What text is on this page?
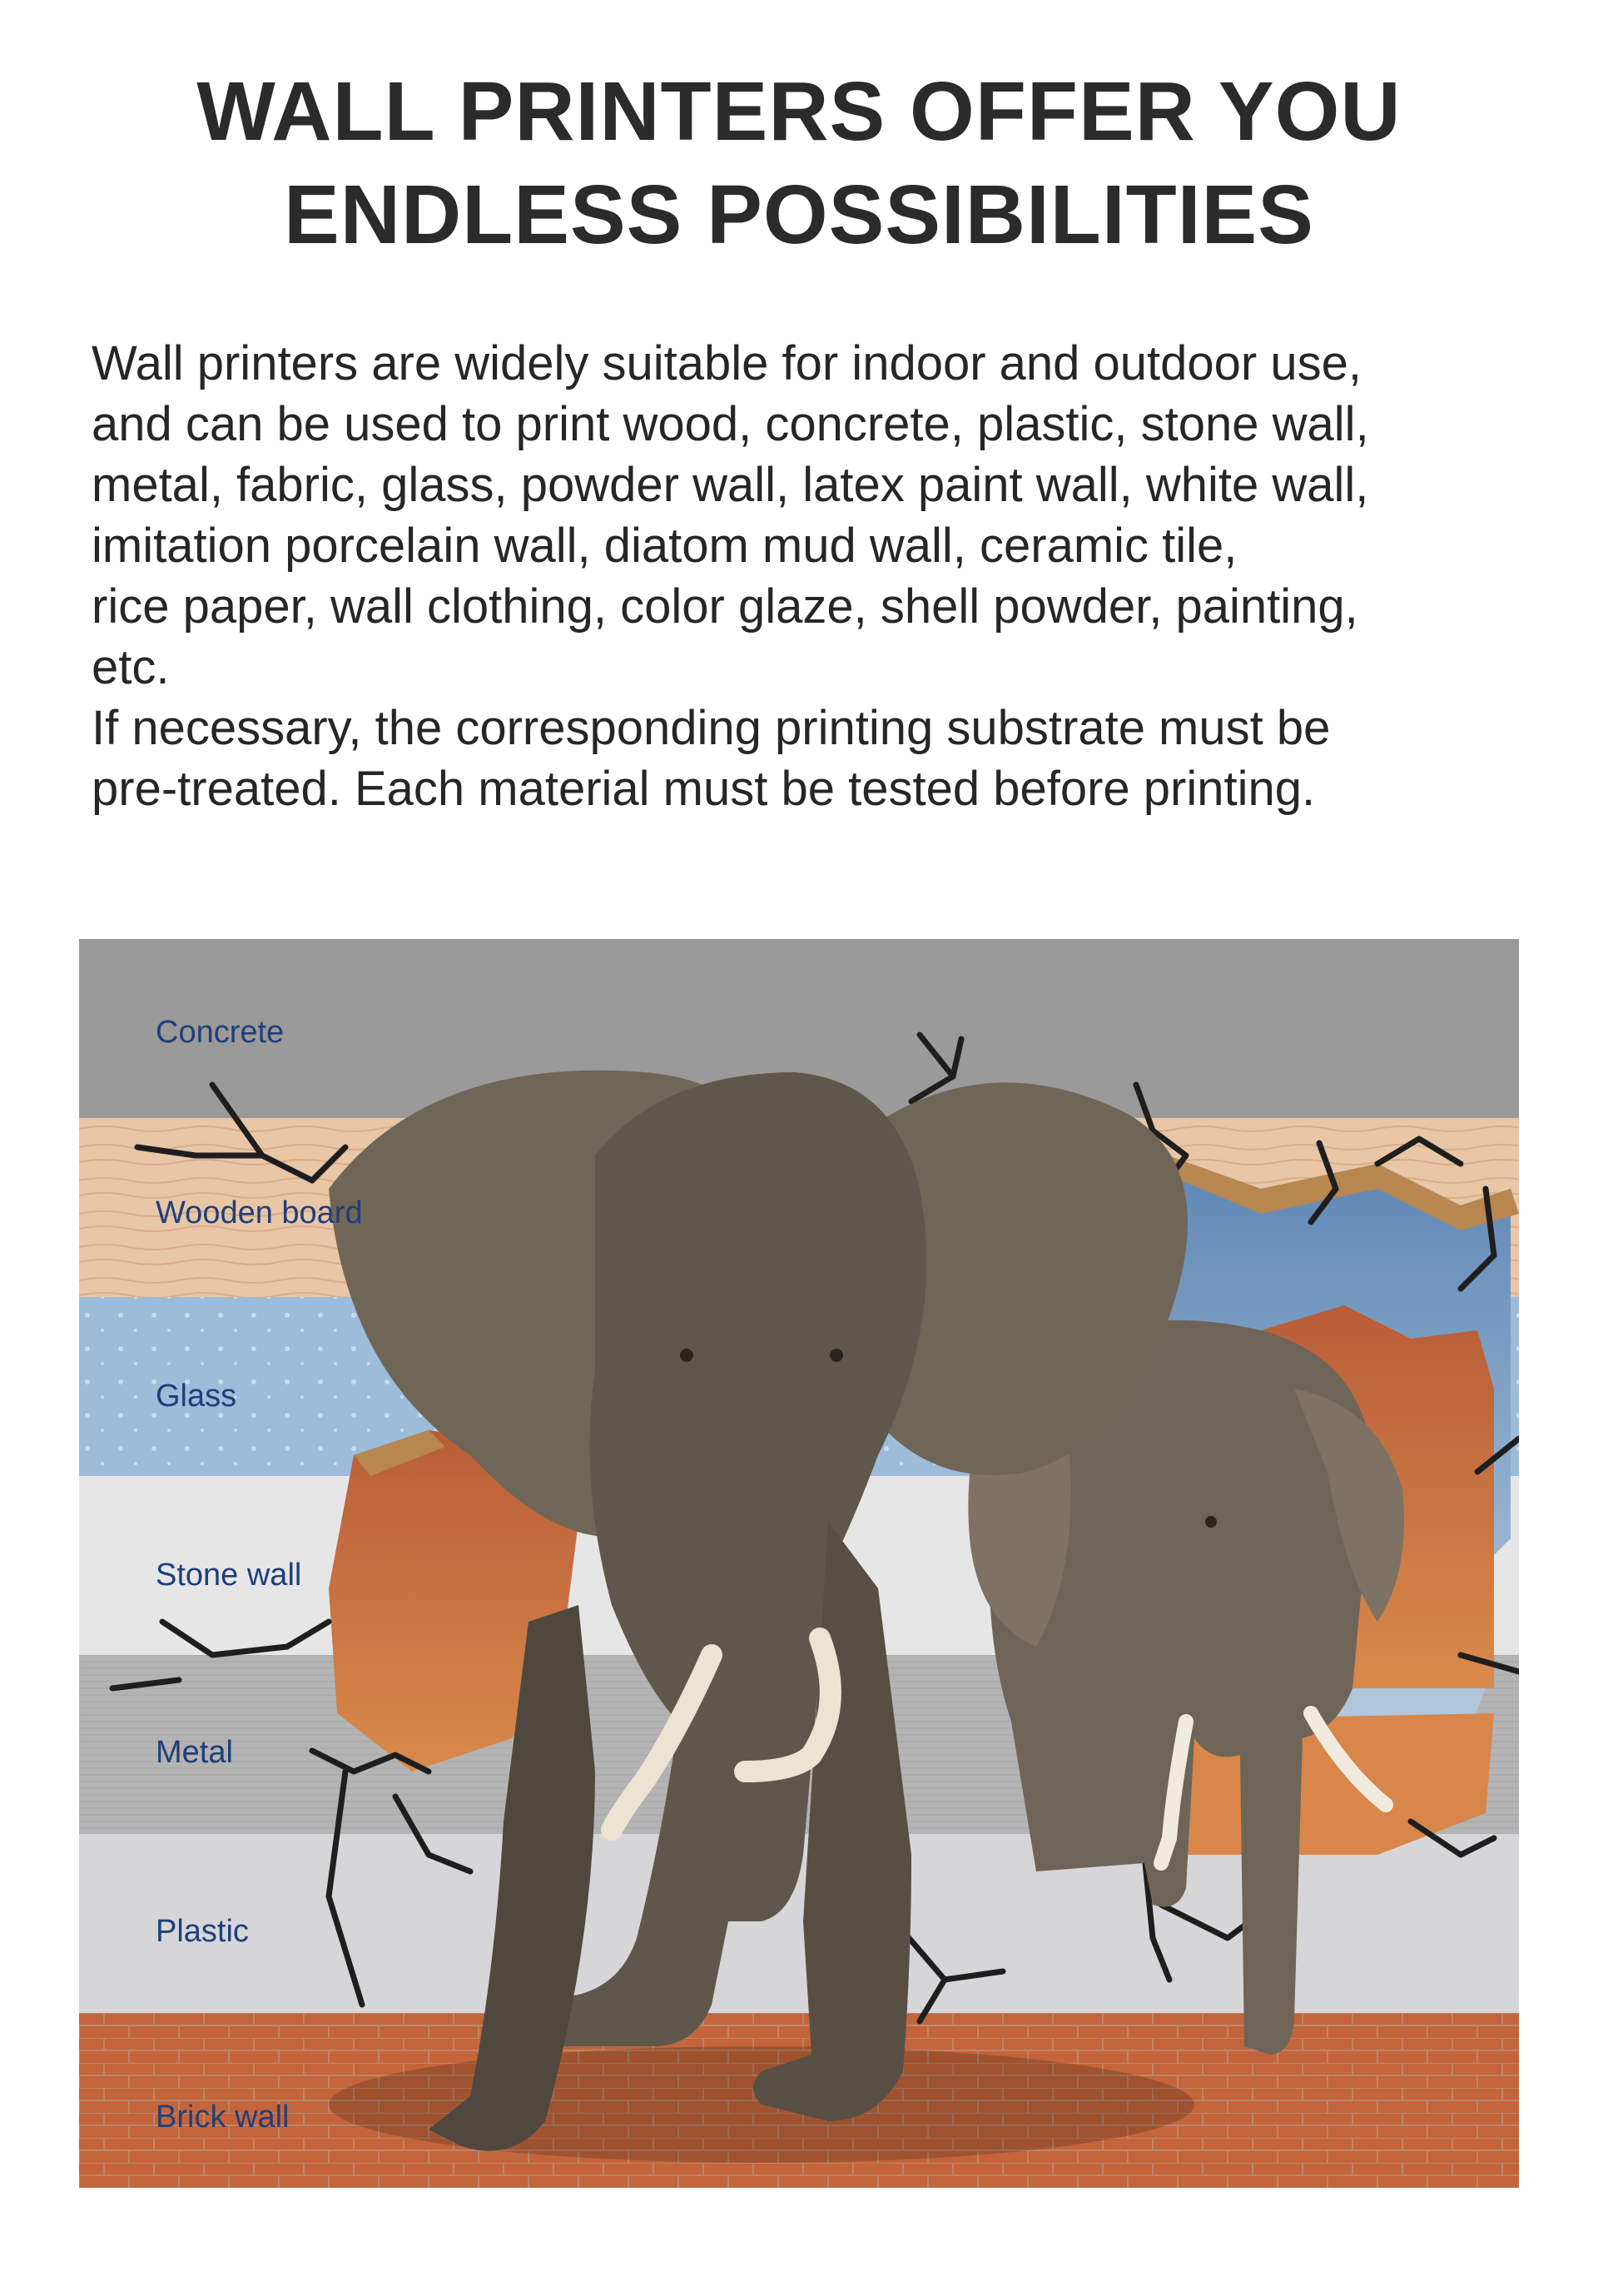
WALL PRINTERS OFFER YOU
ENDLESS POSSIBILITIES

Wall printers are widely suitable for indoor and outdoor use,
and can be used to print wood, concrete, plastic, stone wall,
metal, fabric, glass, powder wall, latex paint wall, white wall,
imitation porcelain wall, diatom mud wall, ceramic tile,
rice paper, wall clothing, color glaze, shell powder, painting,
etc.
If necessary, the corresponding printing substrate must be
pre-treated. Each material must be tested before printing.

Concrete
Wooden board
Glass
Stone wall
Metal
Plastic
Brick wall
